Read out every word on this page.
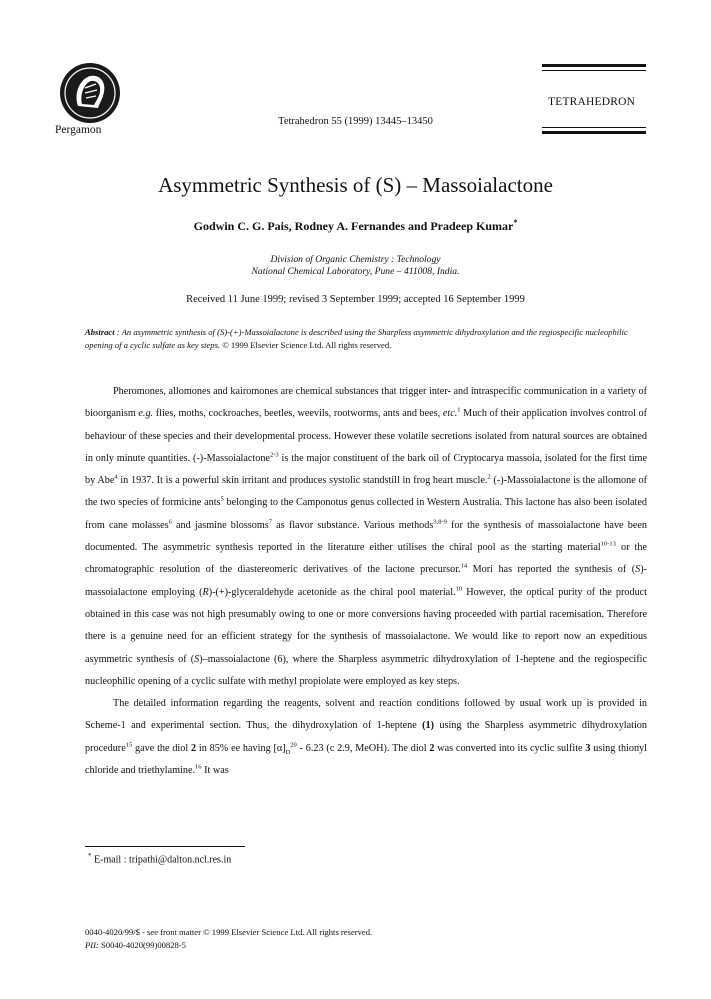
Pergamon
Tetrahedron 55 (1999) 13445–13450
TETRAHEDRON
Asymmetric Synthesis of (S) – Massoialactone
Godwin C. G. Pais, Rodney A. Fernandes and Pradeep Kumar*
Division of Organic Chemistry : Technology
National Chemical Laboratory, Pune – 411008, India.
Received 11 June 1999; revised 3 September 1999; accepted 16 September 1999
Abstract : An asymmetric synthesis of (S)-(+)-Massoialactone is described using the Sharpless asymmetric dihydroxylation and the regiospecific nucleophilic opening of a cyclic sulfate as key steps. © 1999 Elsevier Science Ltd. All rights reserved.

Pheromones, allomones and kairomones are chemical substances that trigger inter- and intraspecific communication in a variety of bioorganism e.g. flies, moths, cockroaches, beetles, weevils, rootworms, ants and bees, etc.$^1$ Much of their application involves control of behaviour of these species and their developmental process. However these volatile secretions isolated from natural sources are obtained in only minute quantities. (-)-Massoialactone$^{2-3}$ is the major constituent of the bark oil of Cryptocarya massoia, isolated for the first time by Abe$^4$ in 1937. It is a powerful skin irritant and produces systolic standstill in frog heart muscle.$^2$ (-)-Massoialactone is the allomone of the two species of formicine ants$^5$ belonging to the Camponotus genus collected in Western Australia. This lactone has also been isolated from cane molasses$^6$ and jasmine blossoms$^7$ as flavor substance. Various methods$^{3,8-9}$ for the synthesis of massoialactone have been documented. The asymmetric synthesis reported in the literature either utilises the chiral pool as the starting material$^{10-13}$ or the chromatographic resolution of the diastereomeric derivatives of the lactone precursor.$^{14}$ Mori has reported the synthesis of (S)-massoialactone employing (R)-(+)-glyceraldehyde acetonide as the chiral pool material.$^{10}$ However, the optical purity of the product obtained in this case was not high presumably owing to one or more conversions having proceeded with partial racemisation. Therefore there is a genuine need for an efficient strategy for the synthesis of massoialactone. We would like to report now an expeditious asymmetric synthesis of (S)–massoialactone (6), where the Sharpless asymmetric dihydroxylation of 1-heptene and the regiospecific nucleophilic opening of a cyclic sulfate with methyl propiolate were employed as key steps.

The detailed information regarding the reagents, solvent and reaction conditions followed by usual work up is provided in Scheme-1 and experimental section. Thus, the dihydroxylation of 1-heptene (1) using the Sharpless asymmetric dihydroxylation procedure$^{15}$ gave the diol 2 in 85% ee having $[\alpha]_D^{20} - 6.23$ (c 2.9, MeOH). The diol 2 was converted into its cyclic sulfite 3 using thionyl chloride and triethylamine.$^{16}$ It was

* E-mail : tripathi@dalton.ncl.res.in
0040-4020/99/$ - see front matter © 1999 Elsevier Science Ltd. All rights reserved.
PII: S0040-4020(99)00828-5
